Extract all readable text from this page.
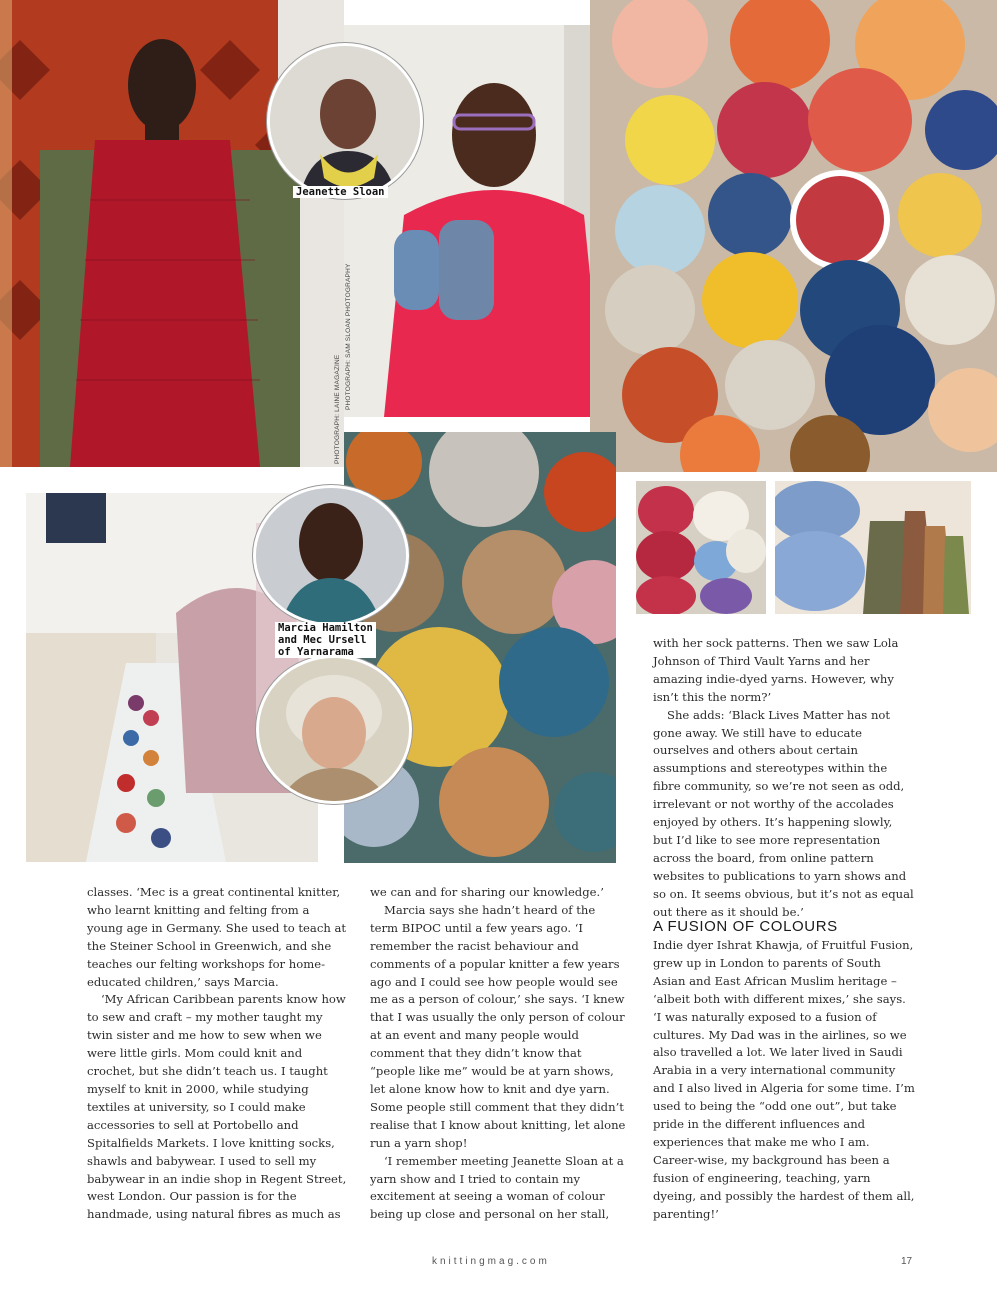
Jeanette Sloan
PHOTOGRAPH: LAINE MAGAZINE PHOTOGRAPH: SAM SLOAN PHOTOGRAPHY
Marcia Hamilton
and Mec Ursell
of Yarnarama

classes. ‘Mec is a great continental knitter, who learnt knitting and felting from a young age in Germany. She used to teach at the Steiner School in Greenwich, and she teaches our felting workshops for home-educated children,’ says Marcia.

‘My African Caribbean parents know how to sew and craft – my mother taught my twin sister and me how to sew when we were little girls. Mom could knit and crochet, but she didn’t teach us. I taught myself to knit in 2000, while studying textiles at university, so I could make accessories to sell at Portobello and Spitalfields Markets. I love knitting socks, shawls and babywear. I used to sell my babywear in an indie shop in Regent Street, west London. Our passion is for the handmade, using natural fibres as much as

we can and for sharing our knowledge.’

Marcia says she hadn’t heard of the term BIPOC until a few years ago. ‘I remember the racist behaviour and comments of a popular knitter a few years ago and I could see how people would see me as a person of colour,’ she says. ‘I knew that I was usually the only person of colour at an event and many people would comment that they didn’t know that “people like me” would be at yarn shows, let alone know how to knit and dye yarn. Some people still comment that they didn’t realise that I know about knitting, let alone run a yarn shop!

‘I remember meeting Jeanette Sloan at a yarn show and I tried to contain my excitement at seeing a woman of colour being up close and personal on her stall,

with her sock patterns. Then we saw Lola Johnson of Third Vault Yarns and her amazing indie-dyed yarns. However, why isn’t this the norm?’

She adds: ‘Black Lives Matter has not gone away. We still have to educate ourselves and others about certain assumptions and stereotypes within the fibre community, so we’re not seen as odd, irrelevant or not worthy of the accolades enjoyed by others. It’s happening slowly, but I’d like to see more representation across the board, from online pattern websites to publications to yarn shows and so on. It seems obvious, but it’s not as equal out there as it should be.’

A FUSION OF COLOURS

Indie dyer Ishrat Khawja, of Fruitful Fusion, grew up in London to parents of South Asian and East African Muslim heritage – ‘albeit both with different mixes,’ she says. ‘I was naturally exposed to a fusion of cultures. My Dad was in the airlines, so we also travelled a lot. We later lived in Saudi Arabia in a very international community and I also lived in Algeria for some time. I’m used to being the “odd one out”, but take pride in the different influences and experiences that make me who I am. Career-wise, my background has been a fusion of engineering, teaching, yarn dyeing, and possibly the hardest of them all, parenting!’

knittingmag.com	17
